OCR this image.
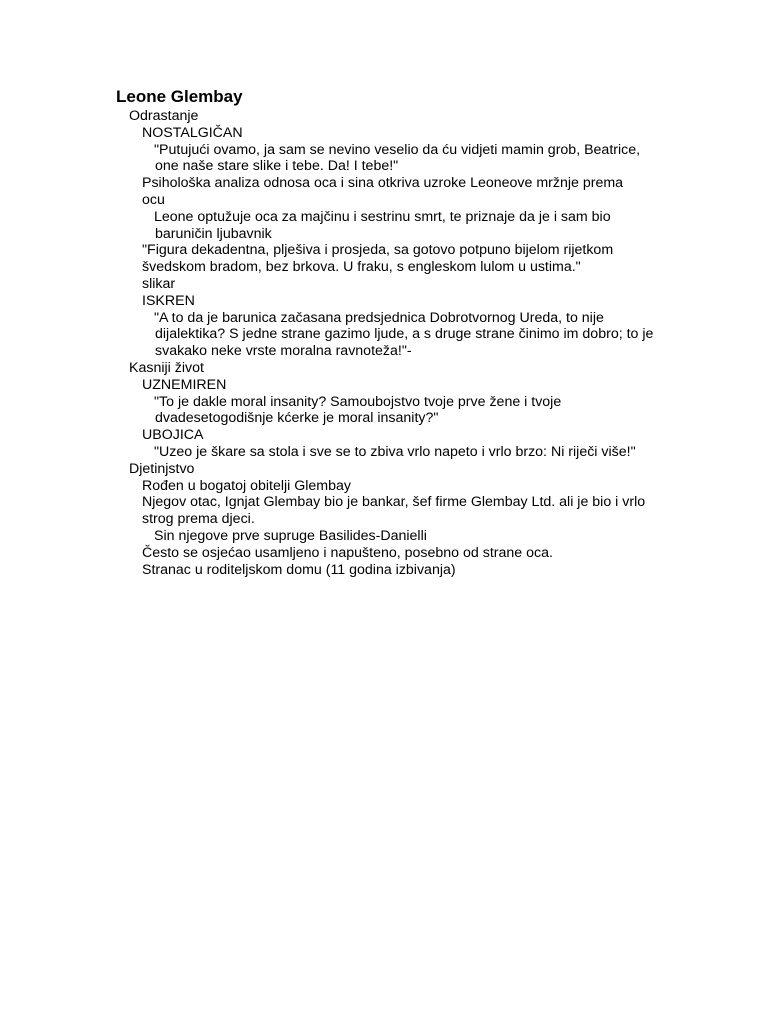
Leone Glembay
Odrastanje
NOSTALGIČAN
"Putujući ovamo, ja sam se nevino veselio da ću vidjeti mamin grob, Beatrice, one naše stare slike i tebe. Da! I tebe!"
Psihološka analiza odnosa oca i sina otkriva uzroke Leoneove mržnje prema ocu
Leone optužuje oca za majčinu i sestrinu smrt, te priznaje da je i sam bio baruničin ljubavnik
"Figura dekadentna, plješiva i prosjeda, sa gotovo potpuno bijelom rijetkom švedskom bradom, bez brkova. U fraku, s engleskom lulom u ustima."
slikar
ISKREN
"A to da je barunica začasana predsjednica Dobrotvornog Ureda, to nije dijalektika? S jedne strane gazimo ljude, a s druge strane činimo im dobro; to je svakako neke vrste moralna ravnoteža!"-
Kasniji život
UZNEMIREN
"To je dakle moral insanity? Samoubojstvo tvoje prve žene i tvoje dvadesetogodišnje kćerke je moral insanity?"
UBOJICA
"Uzeo je škare sa stola i sve se to zbiva vrlo napeto i vrlo brzo: Ni riječi više!"
Djetinjstvo
Rođen u bogatoj obitelji Glembay
Njegov otac, Ignjat Glembay bio je bankar, šef firme Glembay Ltd. ali je bio i vrlo strog prema djeci.
Sin njegove prve supruge Basilides-Danielli
Često se osjećao usamljeno i napušteno, posebno od strane oca.
Stranac u roditeljskom domu (11 godina izbivanja)
